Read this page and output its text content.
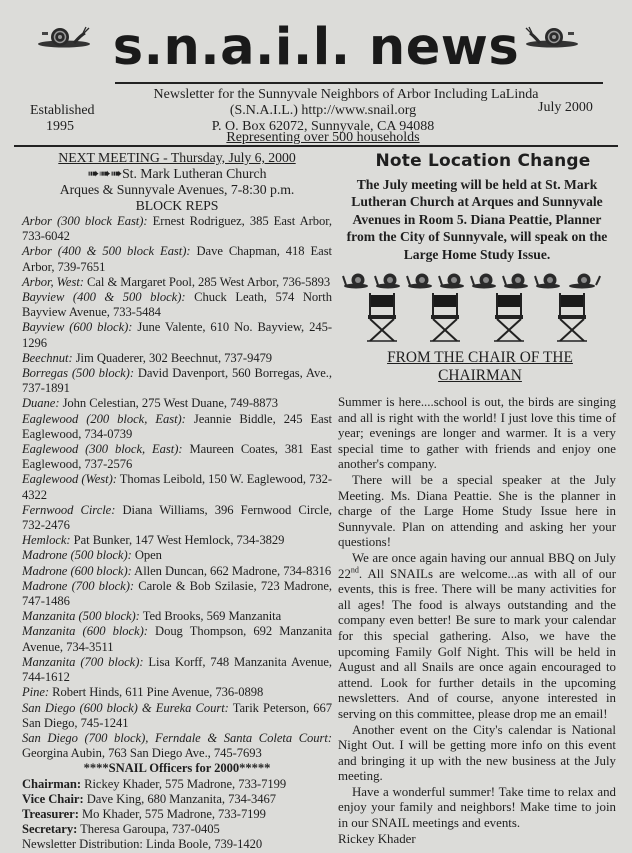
s.n.a.i.l. news
Newsletter for the Sunnyvale Neighbors of Arbor Including LaLinda
Established	(S.N.A.I.L.) http://www.snail.org	July 2000
1995	P. O. Box 62072, Sunnyvale, CA 94088
Representing over 500 households
NEXT MEETING - Thursday, July 6, 2000
➠➠➠St. Mark Lutheran Church
Arques & Sunnyvale Avenues, 7-8:30 p.m.
BLOCK REPS
Arbor (300 block East): Ernest Rodriguez, 385 East Arbor, 733-6042
Arbor (400 & 500 block East): Dave Chapman, 418 East Arbor, 739-7651
Arbor, West: Cal & Margaret Pool, 285 West Arbor, 736-5893
Bayview (400 & 500 block): Chuck Leath, 574 North Bayview Avenue, 733-5484
Bayview (600 block): June Valente, 610 No. Bayview, 245-1296
Beechnut: Jim Quaderer, 302 Beechnut, 737-9479
Borregas (500 block): David Davenport, 560 Borregas, Ave., 737-1891
Duane: John Celestian, 275 West Duane, 749-8873
Eaglewood (200 block, East): Jeannie Biddle, 245 East Eaglewood, 734-0739
Eaglewood (300 block, East): Maureen Coates, 381 East Eaglewood, 737-2576
Eaglewood (West): Thomas Leibold, 150 W. Eaglewood, 732-4322
Fernwood Circle: Diana Williams, 396 Fernwood Circle, 732-2476
Hemlock: Pat Bunker, 147 West Hemlock, 734-3829
Madrone (500 block): Open
Madrone (600 block): Allen Duncan, 662 Madrone, 734-8316
Madrone (700 block): Carole & Bob Szilasie, 723 Madrone, 747-1486
Manzanita (500 block): Ted Brooks, 569 Manzanita
Manzanita (600 block): Doug Thompson, 692 Manzanita Avenue, 734-3511
Manzanita (700 block): Lisa Korff, 748 Manzanita Avenue, 744-1612
Pine: Robert Hinds, 611 Pine Avenue, 736-0898
San Diego (600 block) & Eureka Court: Tarik Peterson, 667 San Diego, 745-1241
San Diego (700 block), Ferndale & Santa Coleta Court: Georgina Aubin, 763 San Diego Ave., 745-7693
****SNAIL Officers for 2000*****
Chairman: Rickey Khader, 575 Madrone, 733-7199
Vice Chair: Dave King, 680 Manzanita, 734-3467
Treasurer: Mo Khader, 575 Madrone, 733-7199
Secretary: Theresa Garoupa, 737-0405
Newsletter Distribution: Linda Boole, 739-1420
Note Location Change
The July meeting will be held at St. Mark Lutheran Church at Arques and Sunnyvale Avenues in Room 5. Diana Peattie, Planner from the City of Sunnyvale, will speak on the Large Home Study Issue.
FROM THE CHAIR OF THE CHAIRMAN

Summer is here....school is out, the birds are singing and all is right with the world! I just love this time of year; evenings are longer and warmer. It is a very special time to gather with friends and enjoy one another's company.

There will be a special speaker at the July Meeting. Ms. Diana Peattie. She is the planner in charge of the Large Home Study Issue here in Sunnyvale. Plan on attending and asking her your questions!

We are once again having our annual BBQ on July 22nd. All SNAILs are welcome...as with all of our events, this is free. There will be many activities for all ages! The food is always outstanding and the company even better! Be sure to mark your calendar for this special gathering. Also, we have the upcoming Family Golf Night. This will be held in August and all Snails are once again encouraged to attend. Look for further details in the upcoming newsletters. And of course, anyone interested in serving on this committee, please drop me an email!

Another event on the City's calendar is National Night Out. I will be getting more info on this event and bringing it up with the new business at the July meeting.

Have a wonderful summer! Take time to relax and enjoy your family and neighbors! Make time to join in our SNAIL meetings and events.

Rickey Khader
